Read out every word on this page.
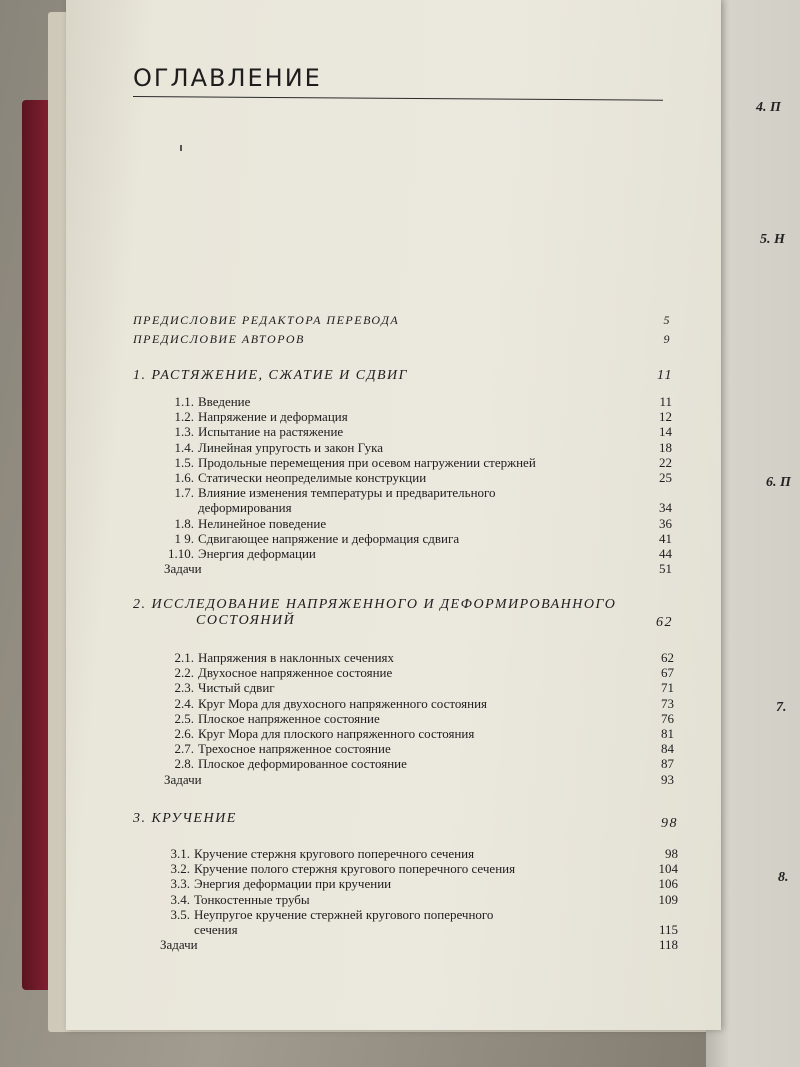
4. П
5. Н
6. П
7.
8.
ОГЛАВЛЕНИЕ
ПРЕДИСЛОВИЕ РЕДАКТОРА ПЕРЕВОДА	5
ПРЕДИСЛОВИЕ АВТОРОВ	9
1. РАСТЯЖЕНИЕ, СЖАТИЕ И СДВИГ	11
1.1. Введение	11
1.2. Напряжение и деформация	12
1.3. Испытание на растяжение	14
1.4. Линейная упругость и закон Гука	18
1.5. Продольные перемещения при осевом нагружении стержней	22
1.6. Статически неопределимые конструкции	25
1.7. Влияние изменения температуры и предварительного
деформирования	34
1.8. Нелинейное поведение	36
1 9. Сдвигающее напряжение и деформация сдвига	41
1.10. Энергия деформации	44
Задачи	51
2. ИССЛЕДОВАНИЕ НАПРЯЖЕННОГО И ДЕФОРМИРОВАННОГО
СОСТОЯНИЙ	62
2.1. Напряжения в наклонных сечениях	62
2.2. Двухосное напряженное состояние	67
2.3. Чистый сдвиг	71
2.4. Круг Мора для двухосного напряженного состояния	73
2.5. Плоское напряженное состояние	76
2.6. Круг Мора для плоского напряженного состояния	81
2.7. Трехосное напряженное состояние	84
2.8. Плоское деформированное состояние	87
Задачи	93
3. КРУЧЕНИЕ	98
3.1. Кручение стержня кругового поперечного сечения	98
3.2. Кручение полого стержня кругового поперечного сечения	104
3.3. Энергия деформации при кручении	106
3.4. Тонкостенные трубы	109
3.5. Неупругое кручение стержней кругового поперечного
сечения	115
Задачи	118
